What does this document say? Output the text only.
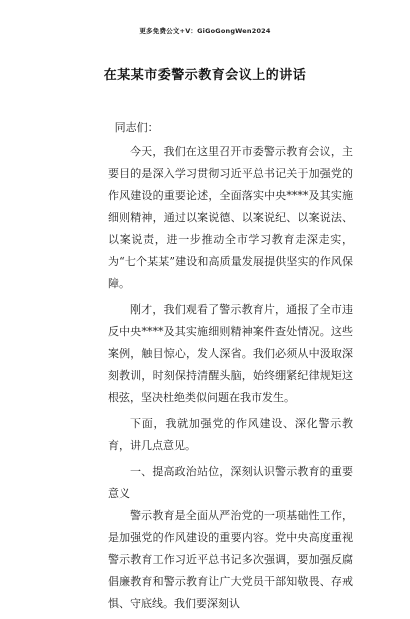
更多免费公文+V：GiGoGongWen2024
在某某市委警示教育会议上的讲话

同志们：

今天，我们在这里召开市委警示教育会议，主要目的是深入学习贯彻习近平总书记关于加强党的作风建设的重要论述，全面落实中央****及其实施细则精神，通过以案说德、以案说纪、以案说法、以案说责，进一步推动全市学习教育走深走实，为“七个某某”建设和高质量发展提供坚实的作风保障。

刚才，我们观看了警示教育片，通报了全市违反中央****及其实施细则精神案件查处情况。这些案例，触目惊心，发人深省。我们必须从中汲取深刻教训，时刻保持清醒头脑，始终绷紧纪律规矩这根弦，坚决杜绝类似问题在我市发生。

下面，我就加强党的作风建设、深化警示教育，讲几点意见。

一、提高政治站位，深刻认识警示教育的重要意义

警示教育是全面从严治党的一项基础性工作，是加强党的作风建设的重要内容。党中央高度重视警示教育工作习近平总书记多次强调，要加强反腐倡廉教育和警示教育让广大党员干部知敬畏、存戒惧、守底线。我们要深刻认
